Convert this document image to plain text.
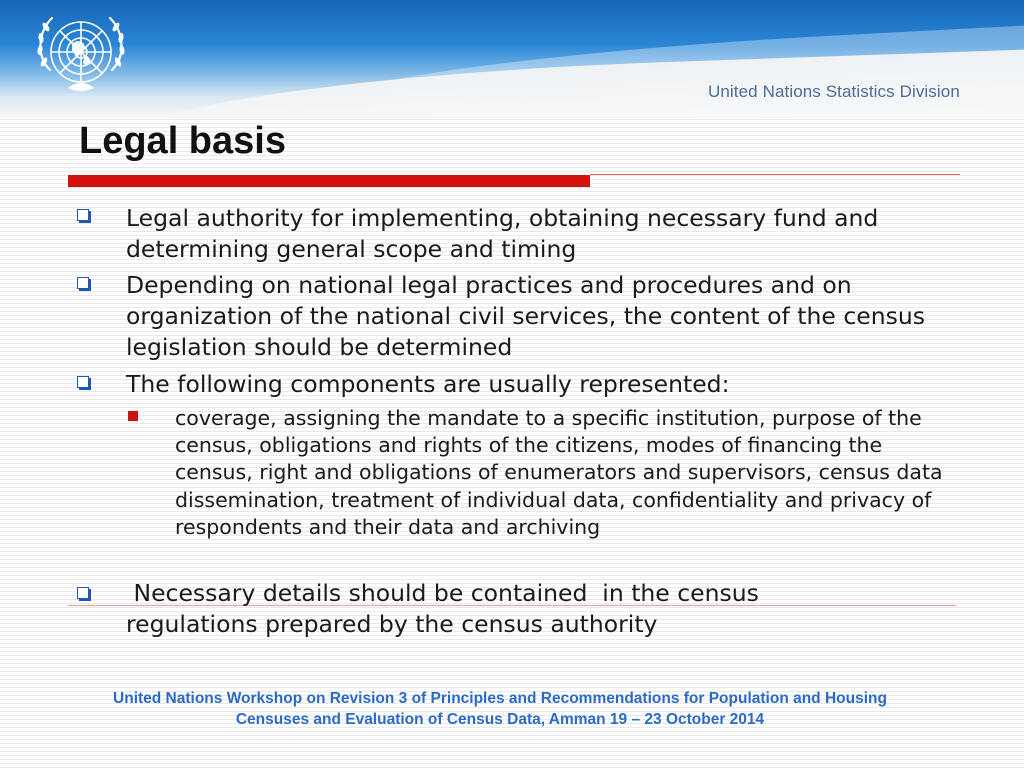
United Nations Statistics Division
Legal basis

Legal authority for implementing, obtaining necessary fund and determining general scope and timing

Depending on national legal practices and procedures and on organization of the national civil services, the content of the census legislation should be determined

The following components are usually represented:

coverage, assigning the mandate to a specific institution, purpose of the census, obligations and rights of the citizens, modes of financing the census, right and obligations of enumerators and supervisors, census data dissemination, treatment of individual data, confidentiality and privacy of respondents and their data and archiving

Necessary details should be contained  in the census regulations prepared by the census authority

United Nations Workshop on Revision 3 of Principles and Recommendations for Population and Housing
Censuses and Evaluation of Census Data, Amman 19 – 23 October 2014
